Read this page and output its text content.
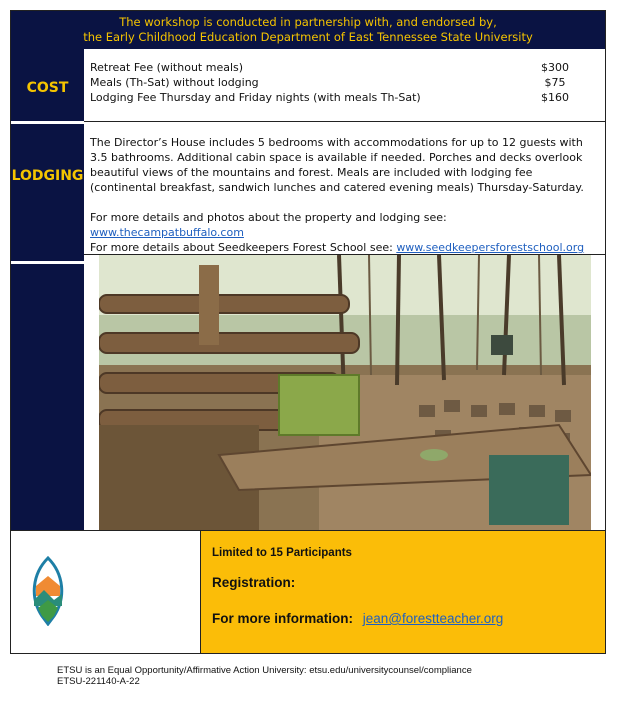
The workshop is conducted in partnership with, and endorsed by,
the Early Childhood Education Department of East Tennessee State University
COST
Retreat Fee (without meals)	$300
Meals (Th-Sat) without lodging	$75
Lodging Fee Thursday and Friday nights (with meals Th-Sat)	$160
LODGING

The Director’s House includes 5 bedrooms with accommodations for up to 12 guests with 3.5 bathrooms. Additional cabin space is available if needed. Porches and decks overlook beautiful views of the mountains and forest. Meals are included with lodging fee (continental breakfast, sandwich lunches and catered evening meals) Thursday-Saturday.

For more details and photos about the property and lodging see: www.thecampatbuffalo.com

For more details about Seedkeepers Forest School see: www.seedkeepersforestschool.org

Limited to 15 Participants
Registration:
For more information: jean@forestteacher.org
ETSU is an Equal Opportunity/Affirmative Action University: etsu.edu/universitycounsel/compliance
ETSU-221140-A-22
